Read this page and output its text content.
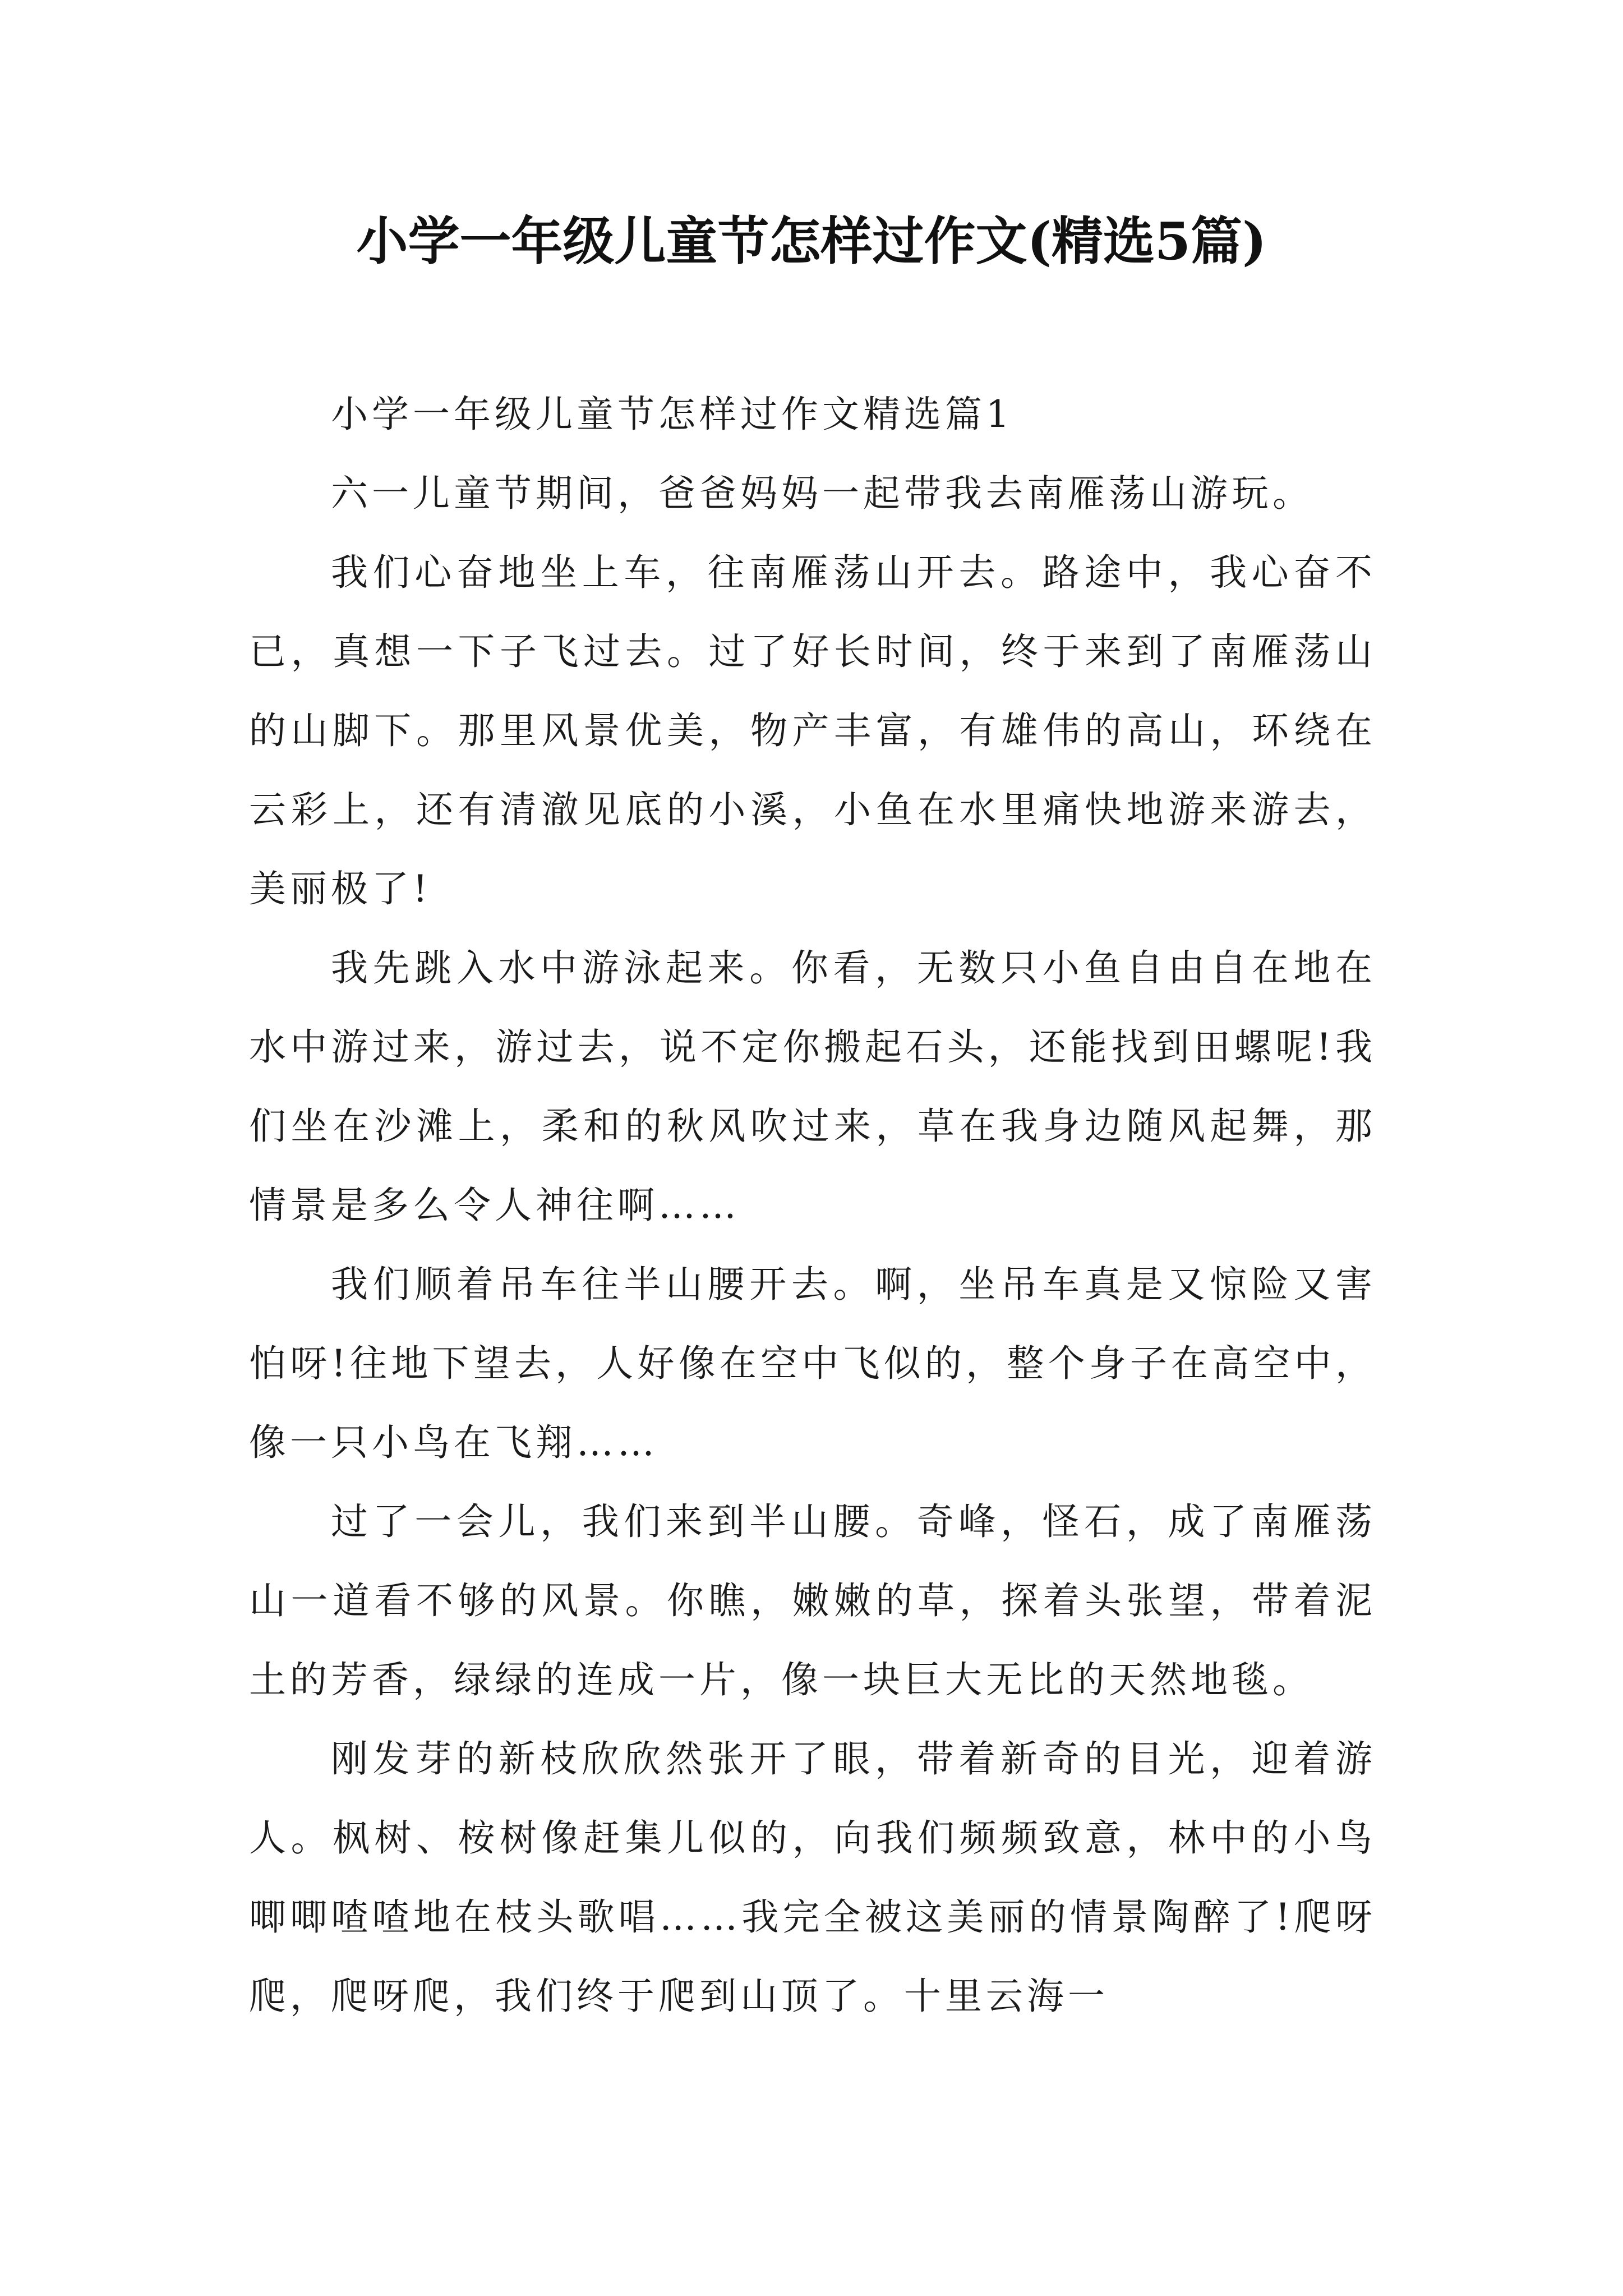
小学一年级儿童节怎样过作文(精选5篇)

小学一年级儿童节怎样过作文精选篇1

六一儿童节期间，爸爸妈妈一起带我去南雁荡山游玩。

我们心奋地坐上车，往南雁荡山开去。路途中，我心奋不已，真想一下子飞过去。过了好长时间，终于来到了南雁荡山的山脚下。那里风景优美，物产丰富，有雄伟的高山，环绕在云彩上，还有清澈见底的小溪，小鱼在水里痛快地游来游去，美丽极了!

我先跳入水中游泳起来。你看，无数只小鱼自由自在地在水中游过来，游过去，说不定你搬起石头，还能找到田螺呢!我们坐在沙滩上，柔和的秋风吹过来，草在我身边随风起舞，那情景是多么令人神往啊……

我们顺着吊车往半山腰开去。啊，坐吊车真是又惊险又害怕呀!往地下望去，人好像在空中飞似的，整个身子在高空中，像一只小鸟在飞翔……

过了一会儿，我们来到半山腰。奇峰，怪石，成了南雁荡山一道看不够的风景。你瞧，嫩嫩的草，探着头张望，带着泥土的芳香，绿绿的连成一片，像一块巨大无比的天然地毯。

刚发芽的新枝欣欣然张开了眼，带着新奇的目光，迎着游人。枫树、桉树像赶集儿似的，向我们频频致意，林中的小鸟唧唧喳喳地在枝头歌唱……我完全被这美丽的情景陶醉了!爬呀爬，爬呀爬，我们终于爬到山顶了。十里云海一
